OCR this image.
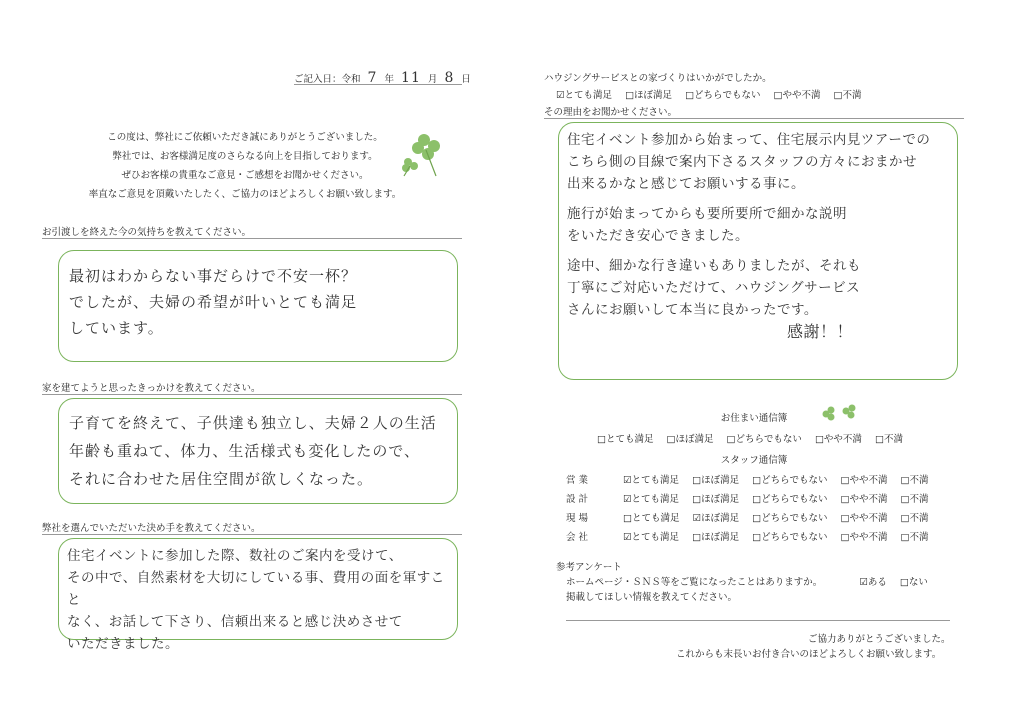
ご記入日：令和 7 年 11 月 8 日
この度は、弊社にご依頼いただき誠にありがとうございました。
弊社では、お客様満足度のさらなる向上を目指しております。
ぜひお客様の貴重なご意見・ご感想をお聞かせください。
率直なご意見を頂戴いたしたく、ご協力のほどよろしくお願い致します。
お引渡しを終えた今の気持ちを教えてください。
最初はわからない事だらけで不安一杯？
でしたが、夫婦の希望が叶いとても満足
しています。
家を建てようと思ったきっかけを教えてください。
子育てを終えて、子供達も独立し、夫婦２人の生活
年齢も重ねて、体力、生活様式も変化したので、
それに合わせた居住空間が欲しくなった。
弊社を選んでいただいた決め手を教えてください。
住宅イベントに参加した際、数社のご案内を受けて、
その中で、自然素材を大切にしている事、費用の面を軍すこと
なく、お話して下さり、信頼出来ると感じ決めさせて
いただきました。
ハウジングサービスとの家づくりはいかがでしたか。
☑とても満足 □ほぼ満足 □どちらでもない □やや不満 □不満
その理由をお聞かせください。
住宅イベント参加から始まって、住宅展示内見ツアーでの
こちら側の目線で案内下さるスタッフの方々におまかせ
出来るかなと感じてお願いする事に。
施行が始まってからも要所要所で細かな説明
をいただき安心できました。
途中、細かな行き違いもありましたが、それも
丁寧にご対応いただけて、ハウジングサービス
さんにお願いして本当に良かったです。
感謝！！
お住まい通信簿
□とても満足 □ほぼ満足 □どちらでもない □やや不満 □不満
スタッフ通信簿
営業	☑とても満足 □ほぼ満足 □どちらでもない □やや不満 □不満
設計	☑とても満足 □ほぼ満足 □どちらでもない □やや不満 □不満
現場	□とても満足 ☑ほぼ満足 □どちらでもない □やや不満 □不満
会社	☑とても満足 □ほぼ満足 □どちらでもない □やや不満 □不満
参考アンケート
ホームページ・ＳＮＳ等をご覧になったことはありますか。	☑ある □ない
掲載してほしい情報を教えてください。
ご協力ありがとうございました。
これからも末長いお付き合いのほどよろしくお願い致します。
